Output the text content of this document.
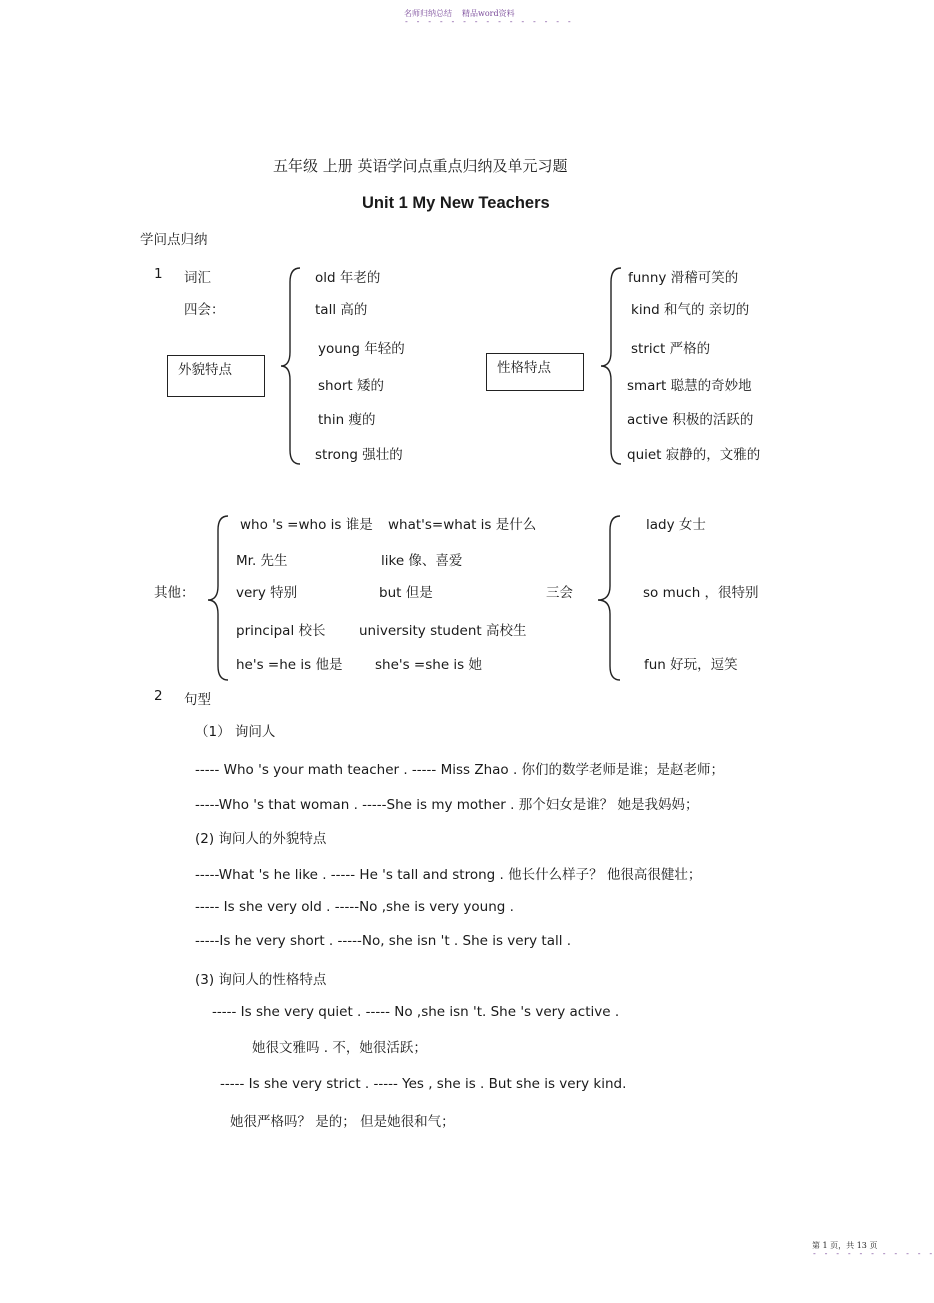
名师归纳总结 精品word资料
- - - - - - - - - - - - - - -
五年级 上册 英语学问点重点归纳及单元习题
Unit 1 My New Teachers
学问点归纳
1 词汇
四会：
外貌特点
old 年老的
tall 高的
young 年轻的
short 矮的
thin 瘦的
strong 强壮的
性格特点
funny 滑稽可笑的
kind 和气的 亲切的
strict 严格的
smart 聪慧的奇妙地
active 积极的活跃的
quiet 寂静的，文雅的
其他：
who 's =who is 谁是
Mr. 先生
very 特别
principal 校长
he's =he is 他是
what's=what is 是什么
like 像、喜爱
but 但是
university student 高校生
she's =she is 她
三会
lady 女士
so much ，很特别
fun 好玩，逗笑
2 句型
（1） 询问人
----- Who 's your math teacher . ----- Miss Zhao . 你们的数学老师是谁；是赵老师；
-----Who 's that woman . -----She is my mother . 那个妇女是谁？ 她是我妈妈；
(2) 询问人的外貌特点
-----What 's he like . ----- He 's tall and strong . 他长什么样子？ 他很高很健壮；
----- Is she very old . -----No ,she is very young .
-----Is he very short . -----No, she isn 't . She is very tall .
(3) 询问人的性格特点
----- Is she very quiet . ----- No ,she isn 't. She 's very active .
她很文雅吗 . 不，她很活跃；
----- Is she very strict . ----- Yes , she is . But she is very kind.
她很严格吗？ 是的； 但是她很和气；
第 1 页，共 13 页
- - - - - - - - - - -
